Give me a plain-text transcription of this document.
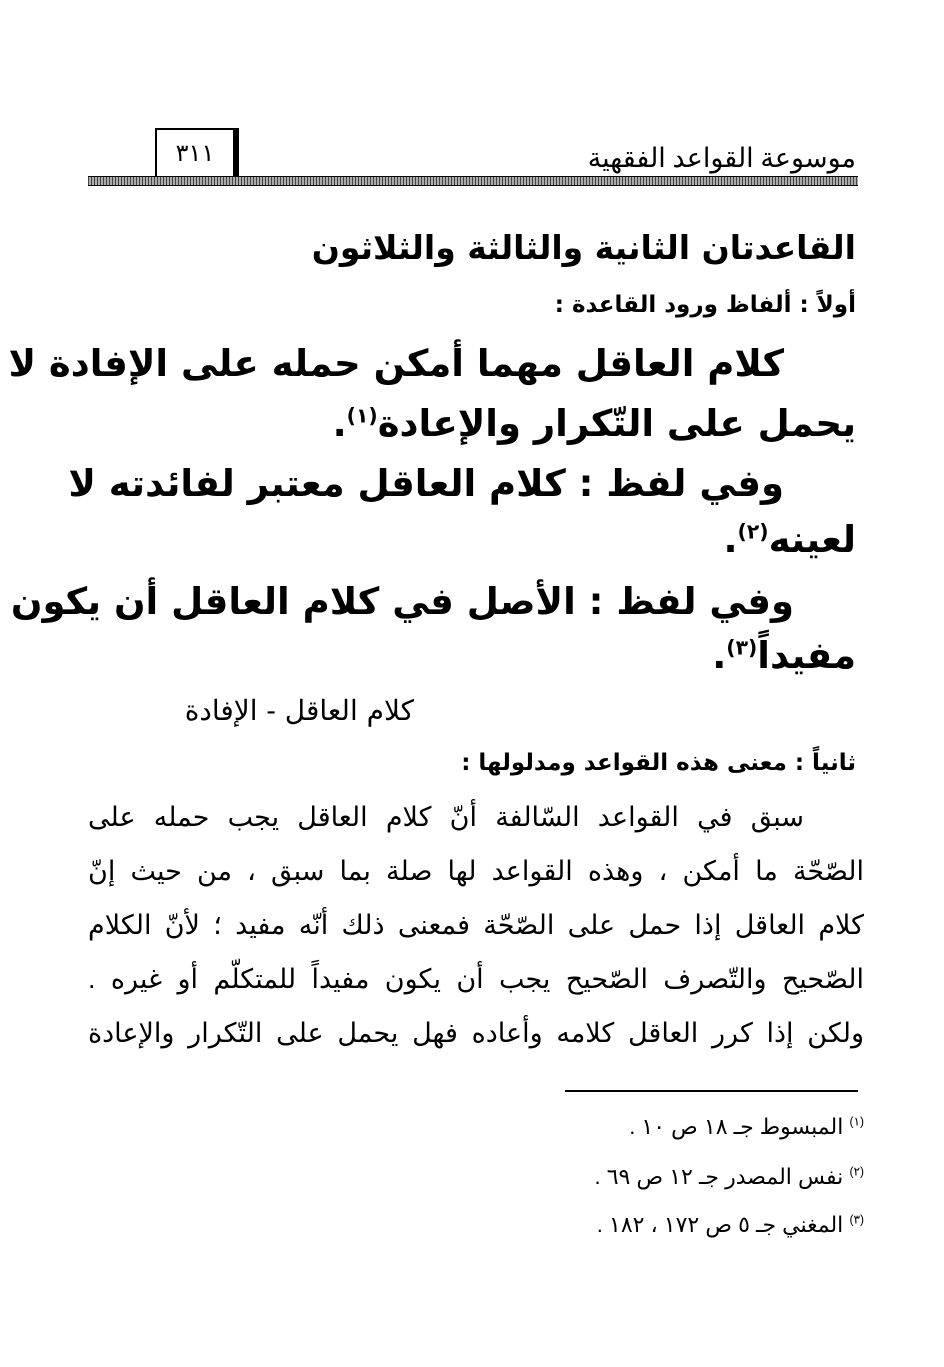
موسوعة القواعد الفقهية
٣١١
القاعدتان الثانية والثالثة والثلاثون
أولاً : ألفاظ ورود القاعدة :
كلام العاقل مهما أمكن حمله على الإفادة لا
يحمل على التّكرار والإعادة$^{(١)}$.
وفي لفظ : كلام العاقل معتبر لفائدته لا
لعينه$^{(٢)}$.
وفي لفظ : الأصل في كلام العاقل أن يكون
مفيداً$^{(٣)}$.
كلام العاقل - الإفادة
ثانياً : معنى هذه القواعد ومدلولها :
سبق في القواعد السّالفة أنّ كلام العاقل يجب حمله على
الصّحّة ما أمكن ، وهذه القواعد لها صلة بما سبق ، من حيث إنّ
كلام العاقل إذا حمل على الصّحّة فمعنى ذلك أنّه مفيد ؛ لأنّ الكلام
الصّحيح والتّصرف الصّحيح يجب أن يكون مفيداً للمتكلّم أو غيره .
ولكن إذا كرر العاقل كلامه وأعاده فهل يحمل على التّكرار والإعادة
$^{(١)}$ المبسوط جـ ١٨ ص ١٠ .
$^{(٢)}$ نفس المصدر جـ ١٢ ص ٦٩ .
$^{(٣)}$ المغني جـ ٥ ص ١٧٢ ، ١٨٢ .
